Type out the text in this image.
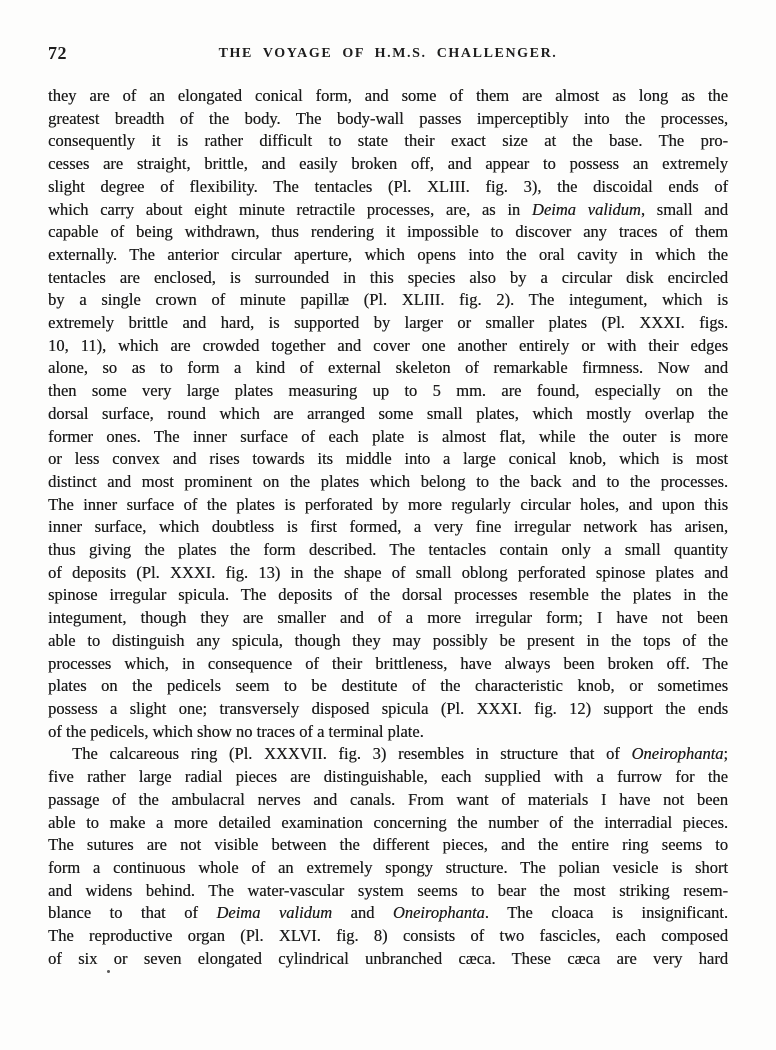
72	THE VOYAGE OF H.M.S. CHALLENGER.
they are of an elongated conical form, and some of them are almost as long as the
greatest breadth of the body. The body-wall passes imperceptibly into the processes,
consequently it is rather difficult to state their exact size at the base. The pro-
cesses are straight, brittle, and easily broken off, and appear to possess an extremely
slight degree of flexibility. The tentacles (Pl. XLIII. fig. 3), the discoidal ends of
which carry about eight minute retractile processes, are, as in Deima validum, small and
capable of being withdrawn, thus rendering it impossible to discover any traces of them
externally. The anterior circular aperture, which opens into the oral cavity in which the
tentacles are enclosed, is surrounded in this species also by a circular disk encircled
by a single crown of minute papillæ (Pl. XLIII. fig. 2). The integument, which is
extremely brittle and hard, is supported by larger or smaller plates (Pl. XXXI. figs.
10, 11), which are crowded together and cover one another entirely or with their edges
alone, so as to form a kind of external skeleton of remarkable firmness. Now and
then some very large plates measuring up to 5 mm. are found, especially on the
dorsal surface, round which are arranged some small plates, which mostly overlap the
former ones. The inner surface of each plate is almost flat, while the outer is more
or less convex and rises towards its middle into a large conical knob, which is most
distinct and most prominent on the plates which belong to the back and to the processes.
The inner surface of the plates is perforated by more regularly circular holes, and upon this
inner surface, which doubtless is first formed, a very fine irregular network has arisen,
thus giving the plates the form described. The tentacles contain only a small quantity
of deposits (Pl. XXXI. fig. 13) in the shape of small oblong perforated spinose plates and
spinose irregular spicula. The deposits of the dorsal processes resemble the plates in the
integument, though they are smaller and of a more irregular form; I have not been
able to distinguish any spicula, though they may possibly be present in the tops of the
processes which, in consequence of their brittleness, have always been broken off. The
plates on the pedicels seem to be destitute of the characteristic knob, or sometimes
possess a slight one; transversely disposed spicula (Pl. XXXI. fig. 12) support the ends
of the pedicels, which show no traces of a terminal plate.
The calcareous ring (Pl. XXXVII. fig. 3) resembles in structure that of Oneirophanta;
five rather large radial pieces are distinguishable, each supplied with a furrow for the
passage of the ambulacral nerves and canals. From want of materials I have not been
able to make a more detailed examination concerning the number of the interradial pieces.
The sutures are not visible between the different pieces, and the entire ring seems to
form a continuous whole of an extremely spongy structure. The polian vesicle is short
and widens behind. The water-vascular system seems to bear the most striking resem-
blance to that of Deima validum and Oneirophanta. The cloaca is insignificant.
The reproductive organ (Pl. XLVI. fig. 8) consists of two fascicles, each composed
of six or seven elongated cylindrical unbranched cæca. These cæca are very hard
